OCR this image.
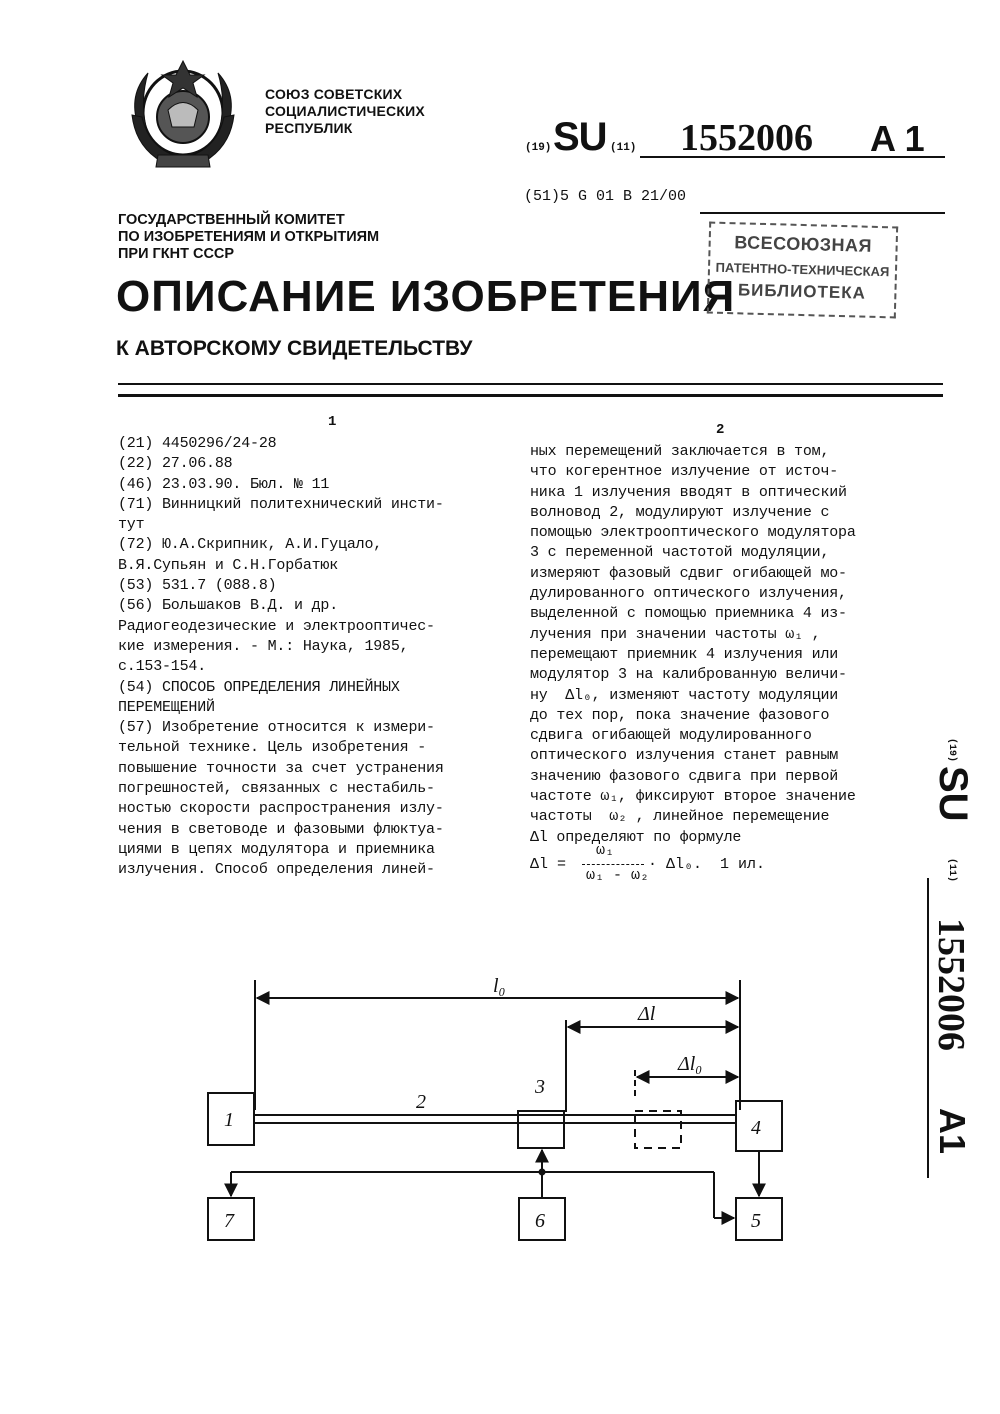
СОЮЗ СОВЕТСКИХ
СОЦИАЛИСТИЧЕСКИХ
РЕСПУБЛИК
ГОСУДАРСТВЕННЫЙ КОМИТЕТ
ПО ИЗОБРЕТЕНИЯМ И ОТКРЫТИЯМ
ПРИ ГКНТ СССР
ОПИСАНИЕ ИЗОБРЕТЕНИЯ
К АВТОРСКОМУ СВИДЕТЕЛЬСТВУ
(19) SU (11) 1552006 A 1
(51)5 G 01 B 21/00
ВСЕСОЮЗНАЯ
ПАТЕНТНО-ТЕХНИЧЕСКАЯ
БИБЛИОТЕКА
1	2
(21) 4450296/24-28
(22) 27.06.88
(46) 23.03.90. Бюл. № 11
(71) Винницкий политехнический инсти-
тут
(72) Ю.А.Скрипник, А.И.Гуцало,
В.Я.Супьян и С.Н.Горбатюк
(53) 531.7 (088.8)
(56) Большаков В.Д. и др.
Радиогеодезические и электрооптичес-
кие измерения. - М.: Наука, 1985,
с.153-154.
(54) СПОСОБ ОПРЕДЕЛЕНИЯ ЛИНЕЙНЫХ
ПЕРЕМЕЩЕНИЙ
(57) Изобретение относится к измери-
тельной технике. Цель изобретения -
повышение точности за счет устранения
погрешностей, связанных с нестабиль-
ностью скорости распространения излу-
чения в световоде и фазовыми флюктуа-
циями в цепях модулятора и приемника
излучения. Способ определения линей-
ных перемещений заключается в том,
что когерентное излучение от источ-
ника 1 излучения вводят в оптический
волновод 2, модулируют излучение с
помощью электрооптического модулятора
3 с переменной частотой модуляции,
измеряют фазовый сдвиг огибающей мо-
дулированного оптического излучения,
выделенной с помощью приемника 4 из-
лучения при значении частоты ω₁ ,
перемещают приемник 4 излучения или
модулятор 3 на калиброванную величи-
ну  Δl₀, изменяют частоту модуляции
до тех пор, пока значение фазового
сдвига огибающей модулированного
оптического излучения станет равным
значению фазового сдвига при первой
частоте ω₁, фиксируют второе значение
частоты  ω₂ , линейное перемещение
Δl определяют по формуле
Δl =
ω₁
ω₁ - ω₂
· Δl₀. 1 ил.
(19)
SU
(11)
1552006
A1
1	4
7	6	5
3
2
l₀
Δl
Δl₀
